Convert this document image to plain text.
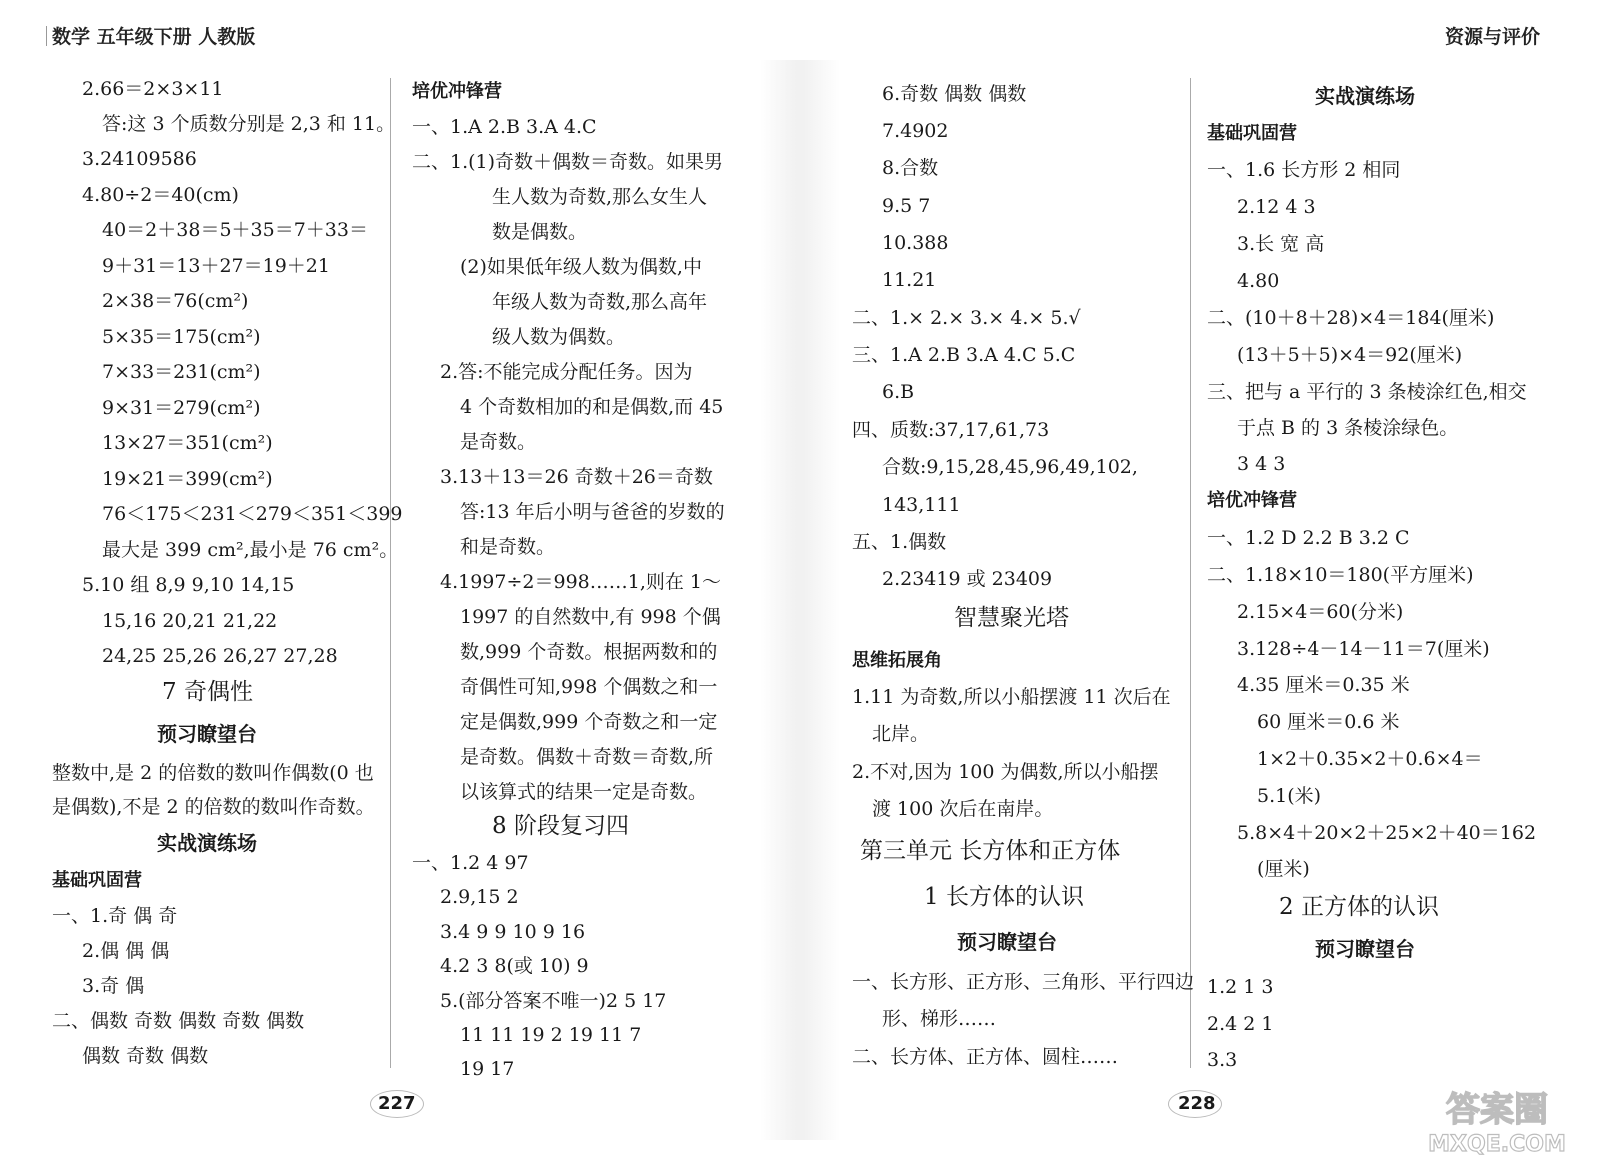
数学 五年级下册 人教版	资源与评价
2.66＝2×3×11
答:这 3 个质数分别是 2,3 和 11。
3.24109586
4.80÷2＝40(cm)
40＝2＋38＝5＋35＝7＋33＝
9＋31＝13＋27＝19＋21
2×38＝76(cm²)
5×35＝175(cm²)
7×33＝231(cm²)
9×31＝279(cm²)
13×27＝351(cm²)
19×21＝399(cm²)
76＜175＜231＜279＜351＜399
最大是 399 cm²,最小是 76 cm²。
5.10 组 8,9 9,10 14,15
15,16 20,21 21,22
24,25 25,26 26,27 27,28
7 奇偶性
预习瞭望台
整数中,是 2 的倍数的数叫作偶数(0 也
是偶数),不是 2 的倍数的数叫作奇数。
实战演练场
基础巩固营
一、1.奇 偶 奇
2.偶 偶 偶
3.奇 偶
二、偶数 奇数 偶数 奇数 偶数
偶数 奇数 偶数
培优冲锋营
一、1.A 2.B 3.A 4.C
二、1.(1)奇数＋偶数＝奇数。如果男
生人数为奇数,那么女生人
数是偶数。
(2)如果低年级人数为偶数,中
年级人数为奇数,那么高年
级人数为偶数。
2.答:不能完成分配任务。因为
4 个奇数相加的和是偶数,而 45
是奇数。
3.13＋13＝26 奇数＋26＝奇数
答:13 年后小明与爸爸的岁数的
和是奇数。
4.1997÷2＝998……1,则在 1～
1997 的自然数中,有 998 个偶
数,999 个奇数。根据两数和的
奇偶性可知,998 个偶数之和一
定是偶数,999 个奇数之和一定
是奇数。偶数＋奇数＝奇数,所
以该算式的结果一定是奇数。
8 阶段复习四
一、1.2 4 97
2.9,15 2
3.4 9 9 10 9 16
4.2 3 8(或 10) 9
5.(部分答案不唯一)2 5 17
11 11 19 2 19 11 7
19 17
6.奇数 偶数 偶数
7.4902
8.合数
9.5 7
10.388
11.21
二、1.× 2.× 3.× 4.× 5.√
三、1.A 2.B 3.A 4.C 5.C
6.B
四、质数:37,17,61,73
合数:9,15,28,45,96,49,102,
143,111
五、1.偶数
2.23419 或 23409
智慧聚光塔
思维拓展角
1.11 为奇数,所以小船摆渡 11 次后在
北岸。
2.不对,因为 100 为偶数,所以小船摆
渡 100 次后在南岸。
第三单元 长方体和正方体
1 长方体的认识
预习瞭望台
一、长方形、正方形、三角形、平行四边
形、梯形……
二、长方体、正方体、圆柱……
实战演练场
基础巩固营
一、1.6 长方形 2 相同
2.12 4 3
3.长 宽 高
4.80
二、(10＋8＋28)×4＝184(厘米)
(13＋5＋5)×4＝92(厘米)
三、把与 a 平行的 3 条棱涂红色,相交
于点 B 的 3 条棱涂绿色。
3 4 3
培优冲锋营
一、1.2 D 2.2 B 3.2 C
二、1.18×10＝180(平方厘米)
2.15×4＝60(分米)
3.128÷4－14－11＝7(厘米)
4.35 厘米＝0.35 米
60 厘米＝0.6 米
1×2＋0.35×2＋0.6×4＝
5.1(米)
5.8×4＋20×2＋25×2＋40＝162
(厘米)
2 正方体的认识
预习瞭望台
1.2 1 3
2.4 2 1
3.3
227	228	答案圈
MXQE.COM
